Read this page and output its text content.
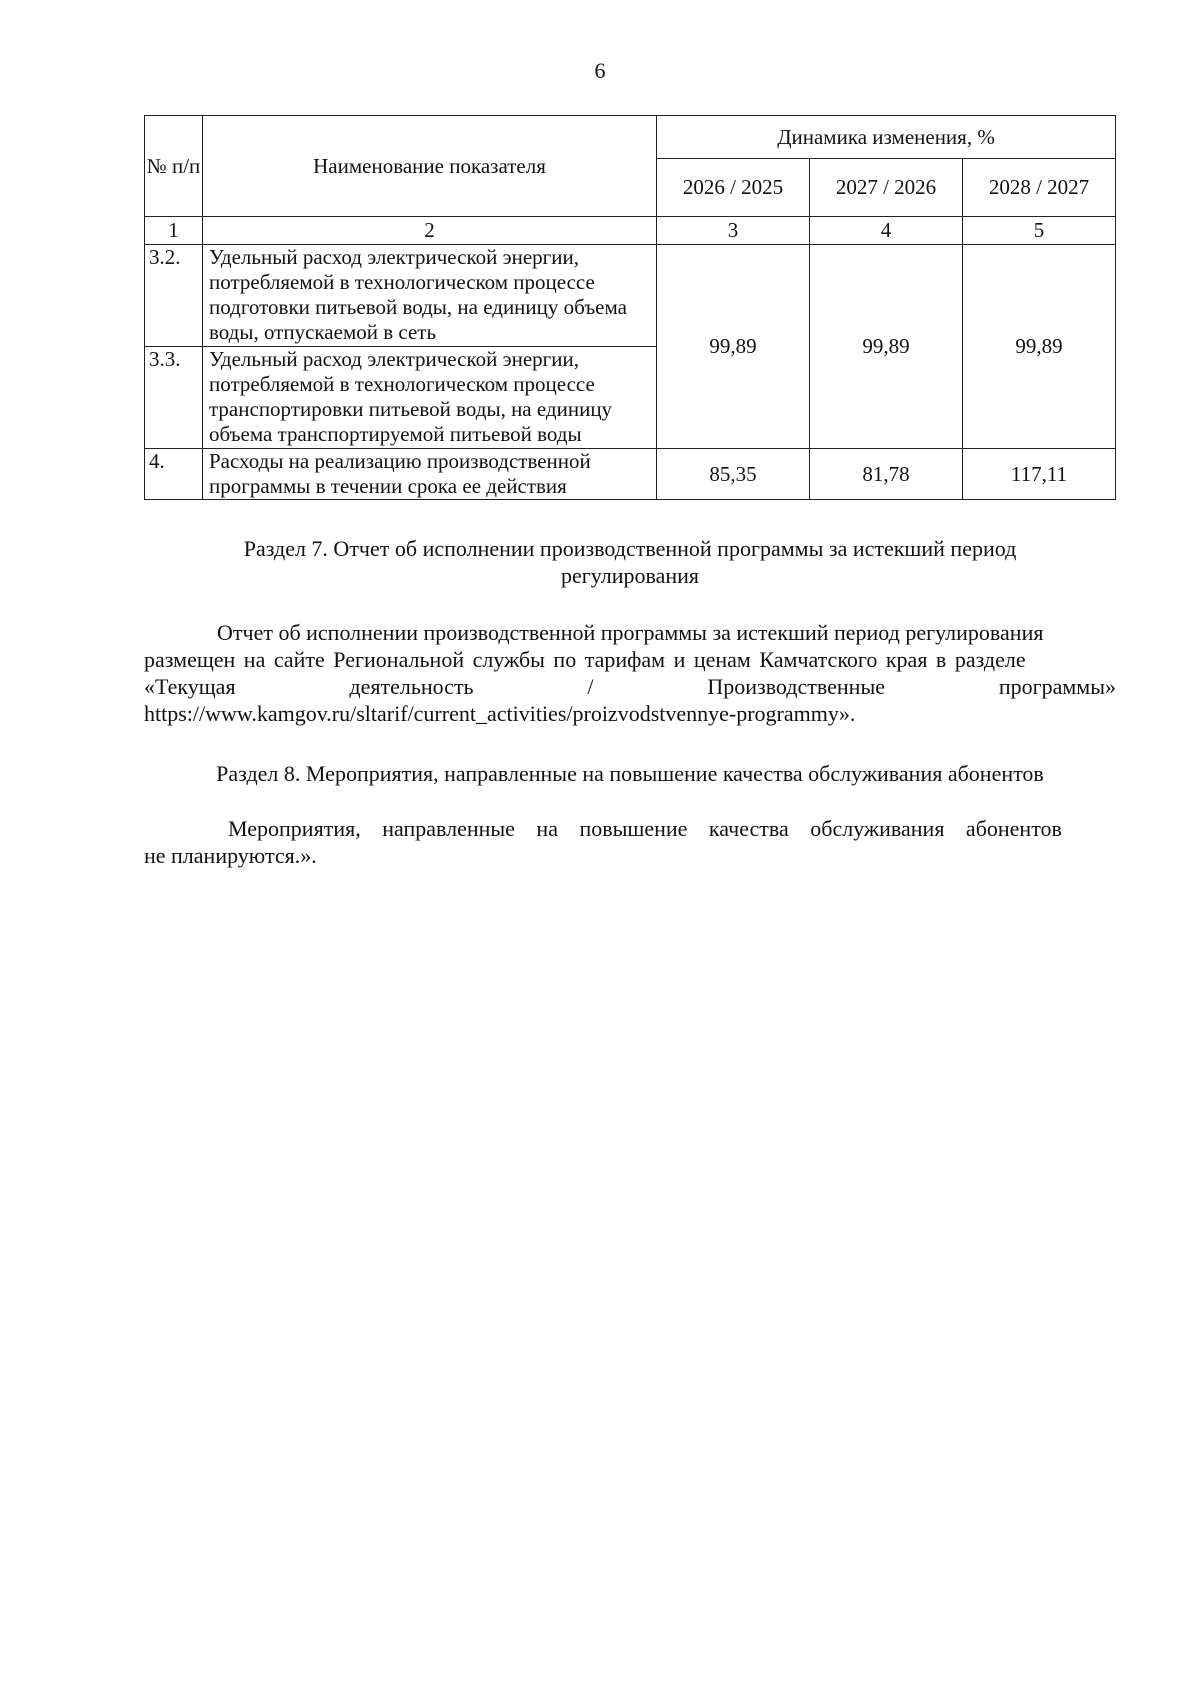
6
№ п/п	Наименование показателя	Динамика изменения, %		
		2026 / 2025	2027 / 2026	2028 / 2027
1	2	3	4	5
3.2.	Удельный расход электрической энергии, потребляемой в технологическом процессе подготовки питьевой воды, на единицу объема воды, отпускаемой в сеть	99,89	99,89	99,89
3.3.	Удельный расход электрической энергии, потребляемой в технологическом процессе транспортировки питьевой воды, на единицу объема транспортируемой питьевой воды			
4.	Расходы на реализацию производственной программы в течении срока ее действия	85,35	81,78	117,11
Раздел 7. Отчет об исполнении производственной программы за истекший период
регулирования
Отчет об исполнении производственной программы за истекший период регулирования
размещен на сайте Региональной службы по тарифам и ценам Камчатского края в разделе
«Текущая	деятельность	/	Производственные	программы»
https://www.kamgov.ru/sltarif/current_activities/proizvodstvennye-programmy».
Раздел 8. Мероприятия, направленные на повышение качества обслуживания абонентов
Мероприятия, направленные на повышение качества обслуживания абонентов
не планируются.».
